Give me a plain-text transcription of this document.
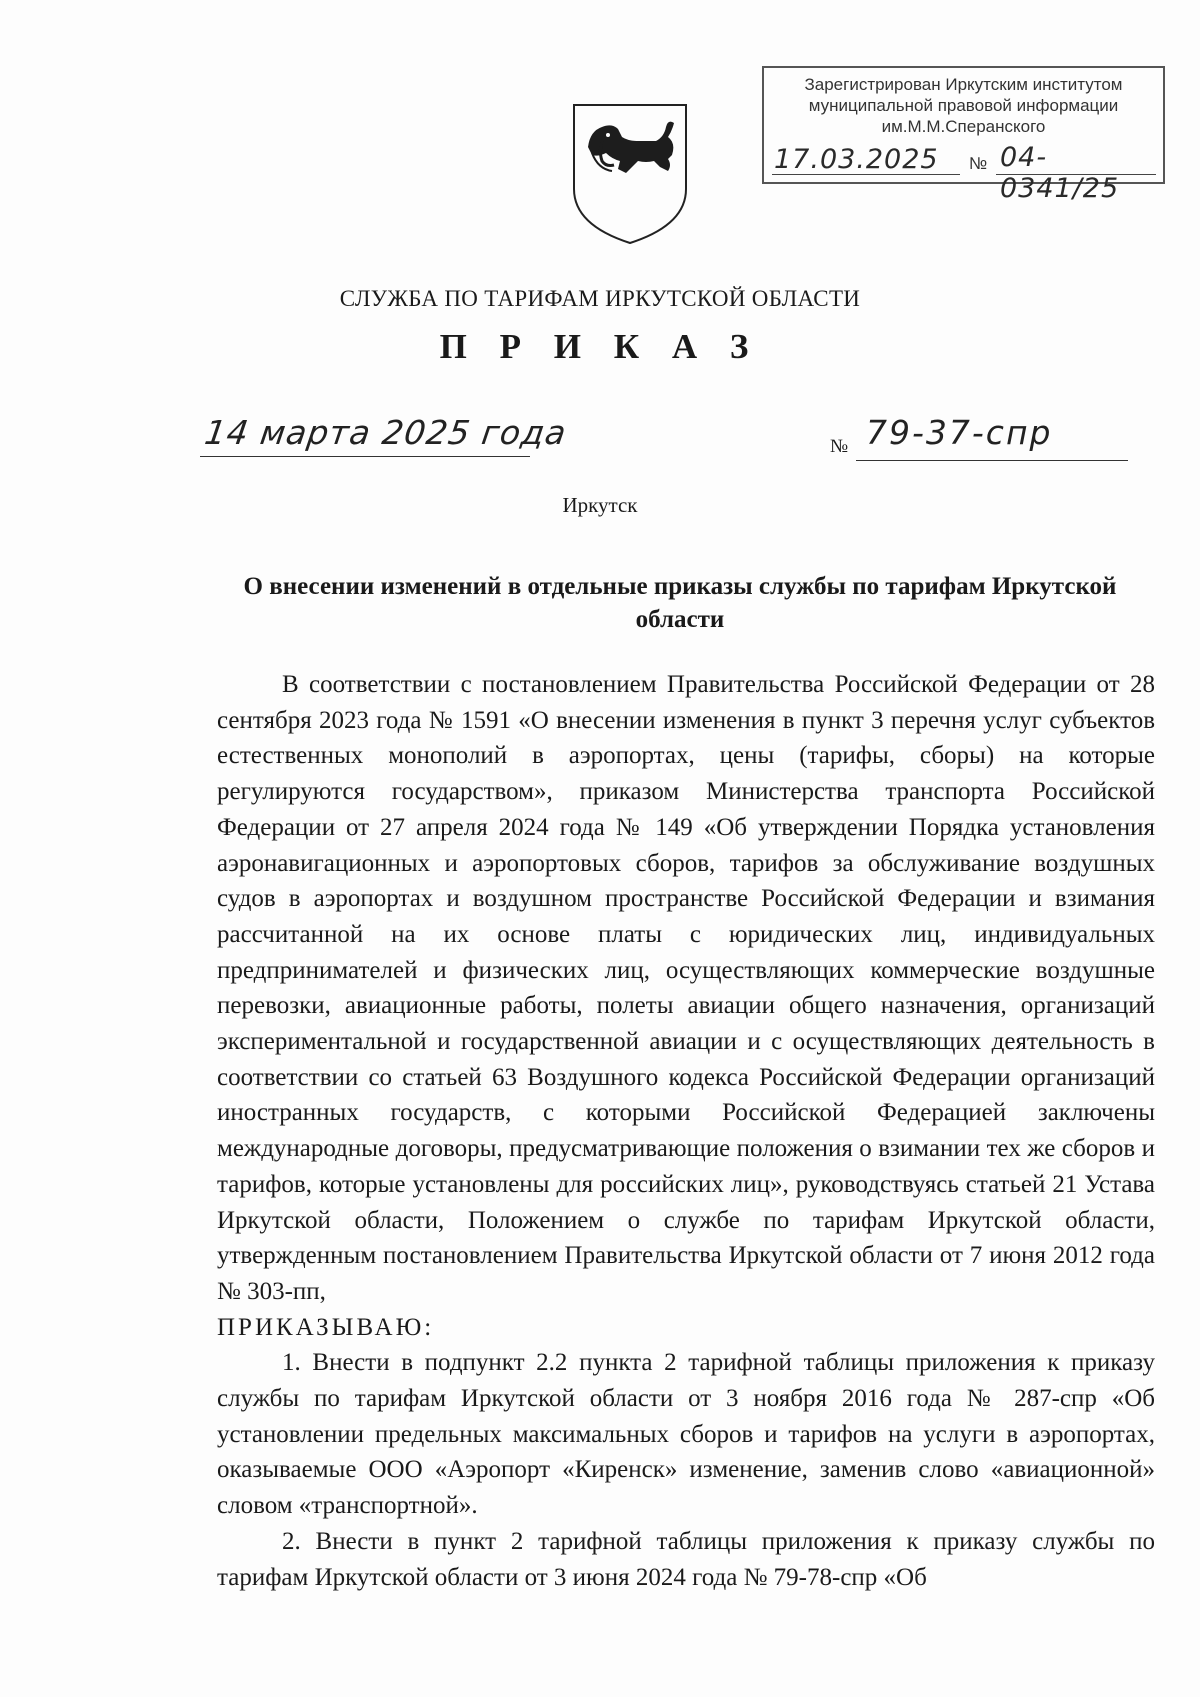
Зарегистрирован Иркутским институтом
муниципальной правовой информации
им.М.М.Сперанского
17.03.2025 № 04-0341/25
СЛУЖБА ПО ТАРИФАМ ИРКУТСКОЙ ОБЛАСТИ
П Р И К А З
14 марта 2025 года	№ 79-37-спр
Иркутск
О внесении изменений в отдельные приказы службы по тарифам Иркутской области

В соответствии с постановлением Правительства Российской Федерации от 28 сентября 2023 года № 1591 «О внесении изменения в пункт 3 перечня услуг субъектов естественных монополий в аэропортах, цены (тарифы, сборы) на которые регулируются государством», приказом Министерства транспорта Российской Федерации от 27 апреля 2024 года № 149 «Об утверждении Порядка установления аэронавигационных и аэропортовых сборов, тарифов за обслуживание воздушных судов в аэропортах и воздушном пространстве Российской Федерации и взимания рассчитанной на их основе платы с юридических лиц, индивидуальных предпринимателей и физических лиц, осуществляющих коммерческие воздушные перевозки, авиационные работы, полеты авиации общего назначения, организаций экспериментальной и государственной авиации и с осуществляющих деятельность в соответствии со статьей 63 Воздушного кодекса Российской Федерации организаций иностранных государств, с которыми Российской Федерацией заключены международные договоры, предусматривающие положения о взимании тех же сборов и тарифов, которые установлены для российских лиц», руководствуясь статьей 21 Устава Иркутской области, Положением о службе по тарифам Иркутской области, утвержденным постановлением Правительства Иркутской области от 7 июня 2012 года № 303-пп,

ПРИКАЗЫВАЮ:

1. Внести в подпункт 2.2 пункта 2 тарифной таблицы приложения к приказу службы по тарифам Иркутской области от 3 ноября 2016 года № 287-спр «Об установлении предельных максимальных сборов и тарифов на услуги в аэропортах, оказываемые ООО «Аэропорт «Киренск» изменение, заменив слово «авиационной» словом «транспортной».

2. Внести в пункт 2 тарифной таблицы приложения к приказу службы по тарифам Иркутской области от 3 июня 2024 года № 79-78-спр «Об
